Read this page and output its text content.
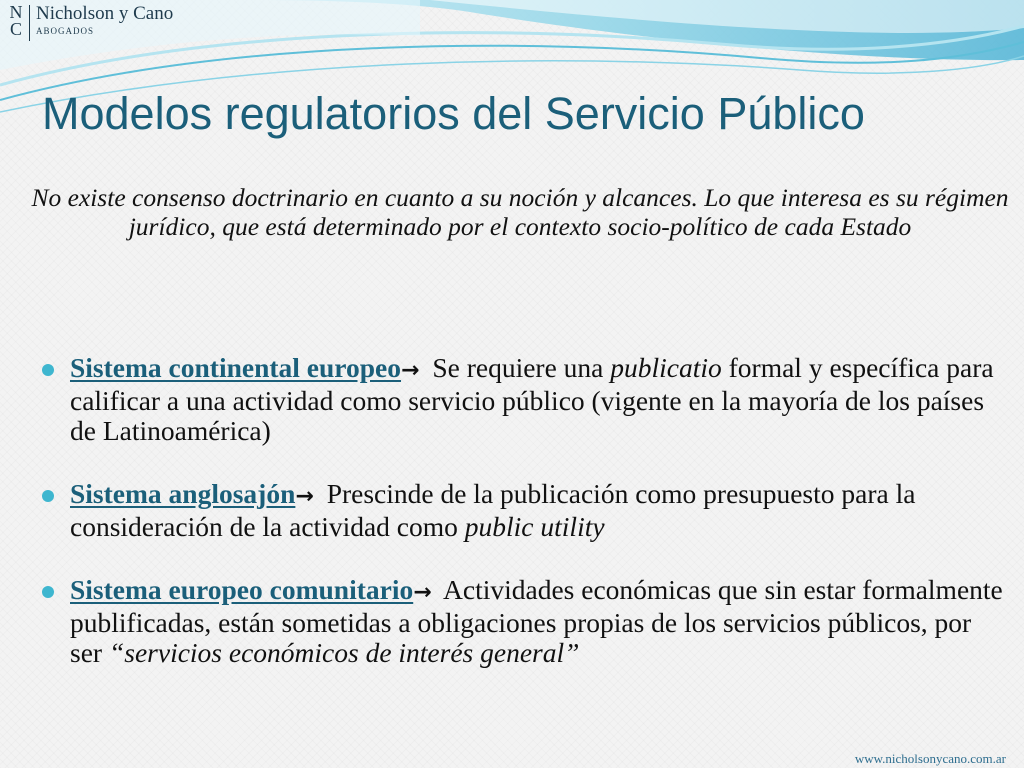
N
C
Nicholson y Cano
ABOGADOS
Modelos regulatorios del Servicio Público

No existe consenso doctrinario en cuanto a su noción y alcances. Lo que interesa es su régimen jurídico, que está determinado por el contexto socio-político de cada Estado

Sistema continental europeo→ Se requiere una publicatio formal y específica para calificar a una actividad como servicio público (vigente en la mayoría de los países de Latinoamérica)
Sistema anglosajón→ Prescinde de la publicación como presupuesto para la consideración de la actividad como public utility
Sistema europeo comunitario→ Actividades económicas que sin estar formalmente publificadas, están sometidas a obligaciones propias de los servicios públicos, por ser “servicios económicos de interés general”
www.nicholsonycano.com.ar
